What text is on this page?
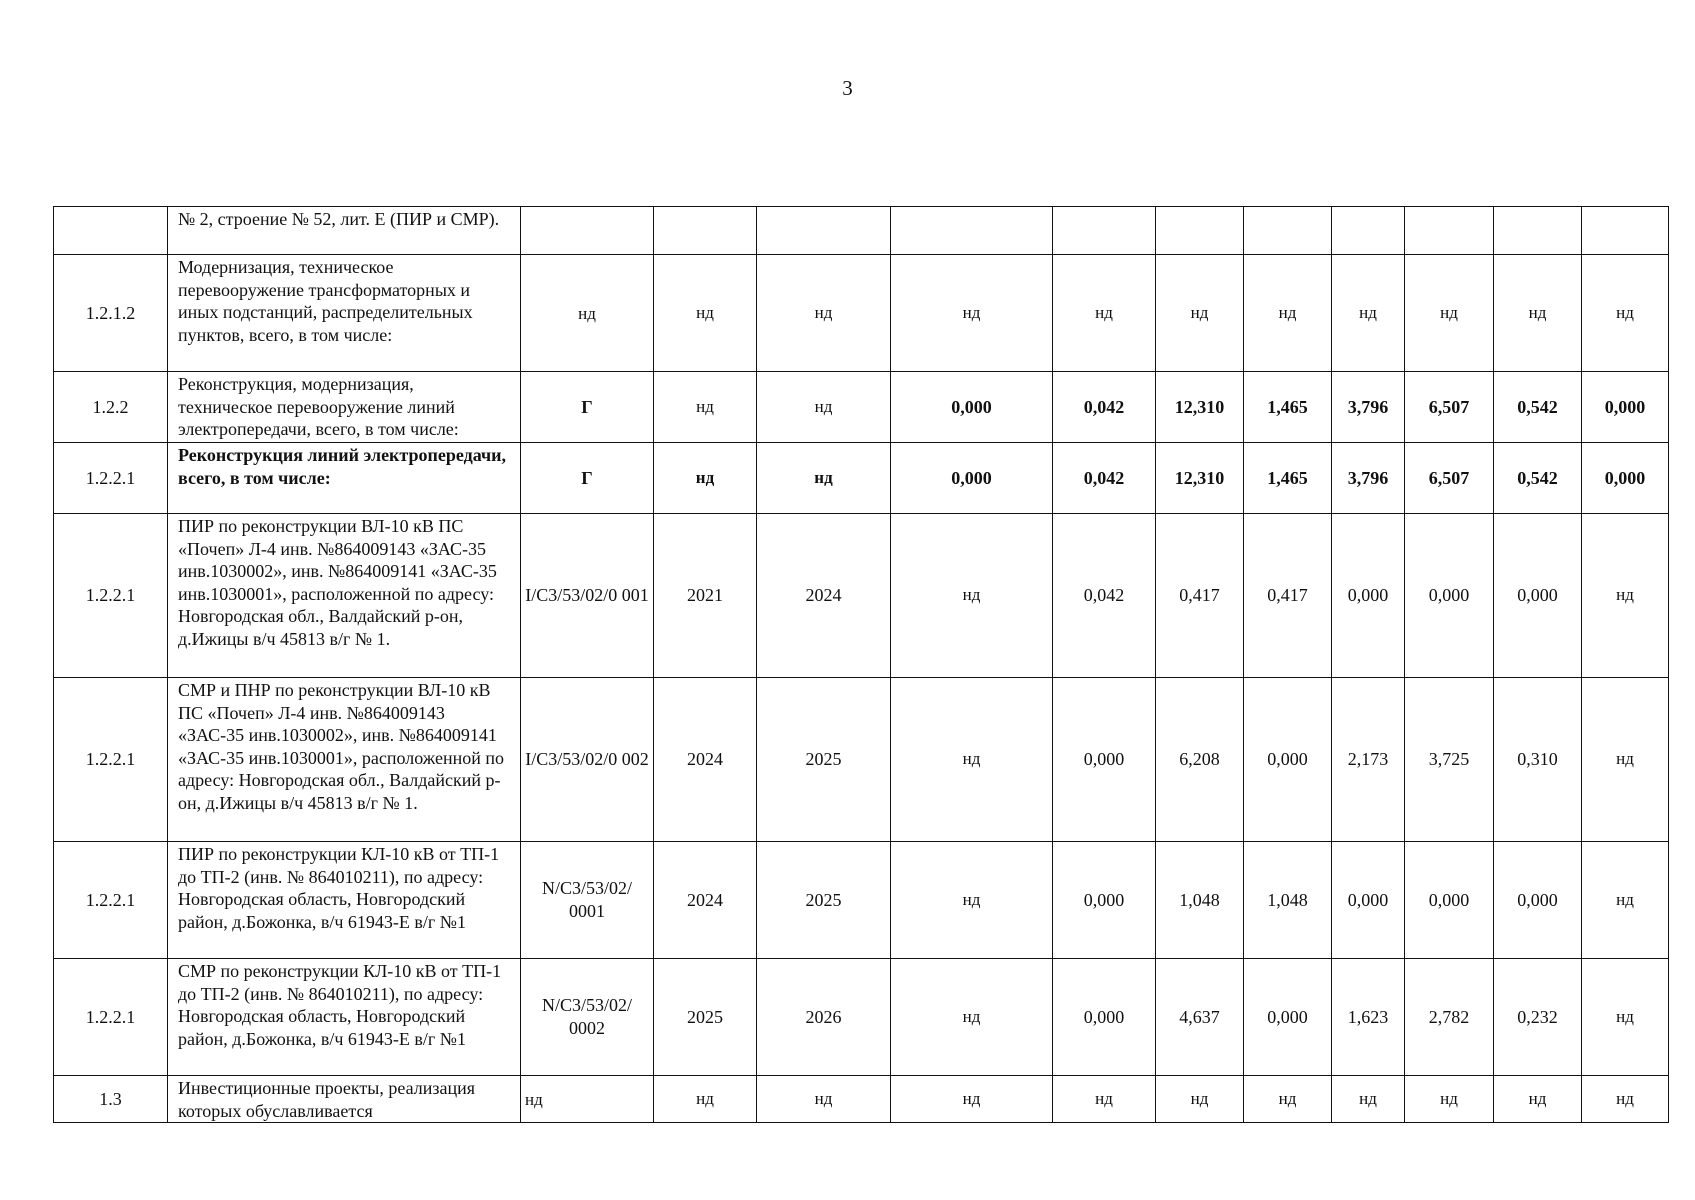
3
	№ 2, строение № 52, лит. Е (ПИР и СМР).											
1.2.1.2	Модернизация, техническое перевооружение трансформаторных и иных подстанций, распределительных пунктов, всего, в том числе:	нд	нд	нд	нд	нд	нд	нд	нд	нд	нд	нд
1.2.2	Реконструкция, модернизация, техническое перевооружение линий электропередачи, всего, в том числе:	Г	нд	нд	0,000	0,042	12,310	1,465	3,796	6,507	0,542	0,000
1.2.2.1	Реконструкция линий электропередачи, всего, в том числе:	Г	нд	нд	0,000	0,042	12,310	1,465	3,796	6,507	0,542	0,000
1.2.2.1	ПИР по реконструкции ВЛ-10 кВ ПС «Почеп» Л-4 инв. №864009143 «ЗАС-35 инв.1030002», инв. №864009141 «ЗАС-35 инв.1030001», расположенной по адресу: Новгородская обл., Валдайский р-он, д.Ижицы в/ч 45813 в/г № 1.	I/C3/53/02/0 001	2021	2024	нд	0,042	0,417	0,417	0,000	0,000	0,000	нд
1.2.2.1	СМР и ПНР по реконструкции ВЛ-10 кВ ПС «Почеп» Л-4 инв. №864009143 «ЗАС-35 инв.1030002», инв. №864009141 «ЗАС-35 инв.1030001», расположенной по адресу: Новгородская обл., Валдайский р-он, д.Ижицы в/ч 45813 в/г № 1.	I/C3/53/02/0 002	2024	2025	нд	0,000	6,208	0,000	2,173	3,725	0,310	нд
1.2.2.1	ПИР по реконструкции КЛ-10 кВ от ТП-1 до ТП-2 (инв. № 864010211), по адресу: Новгородская область, Новгородский район, д.Божонка, в/ч 61943-Е в/г №1	N/C3/53/02/ 0001	2024	2025	нд	0,000	1,048	1,048	0,000	0,000	0,000	нд
1.2.2.1	СМР по реконструкции КЛ-10 кВ от ТП-1 до ТП-2 (инв. № 864010211), по адресу: Новгородская область, Новгородский район, д.Божонка, в/ч 61943-Е в/г №1	N/C3/53/02/ 0002	2025	2026	нд	0,000	4,637	0,000	1,623	2,782	0,232	нд
1.3	Инвестиционные проекты, реализация которых обуславливается	нд	нд	нд	нд	нд	нд	нд	нд	нд	нд	нд
